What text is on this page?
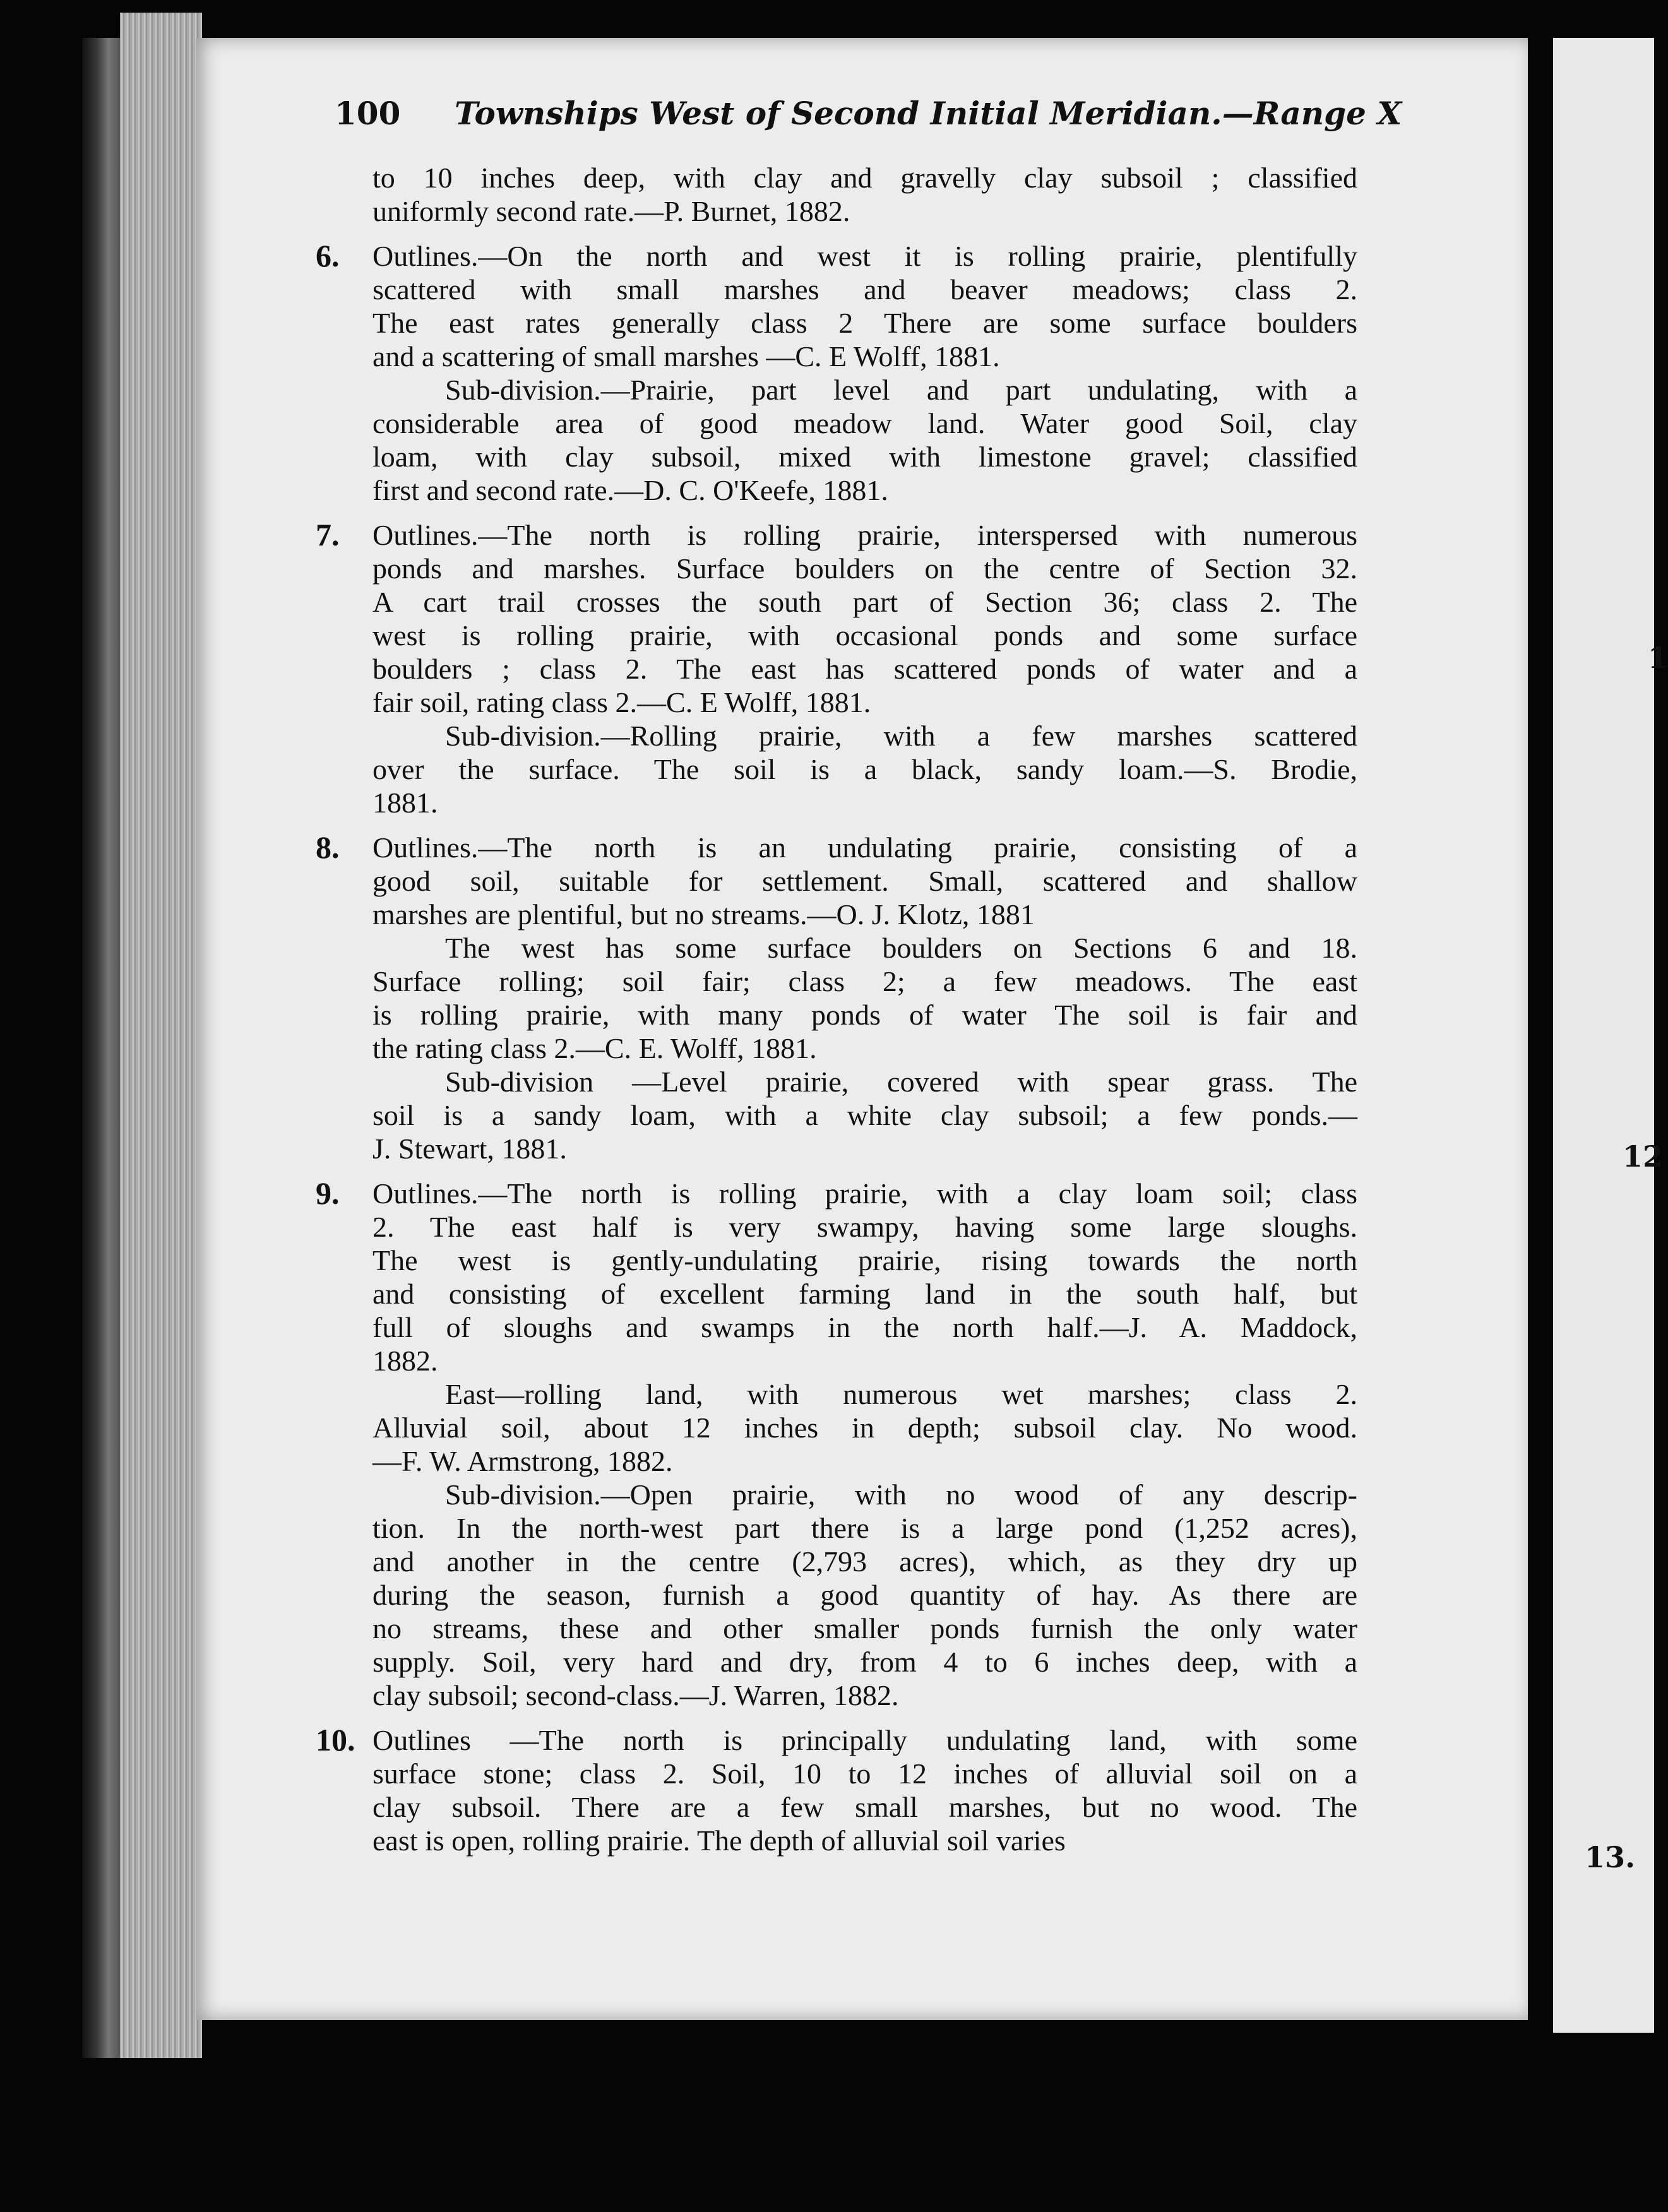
1
12
13.
100 Townships West of Second Initial Meridian.—Range X
to 10 inches deep, with clay and gravelly clay subsoil ; classified
uniformly second rate.—P. Burnet, 1882.
6. Outlines.—On the north and west it is rolling prairie, plentifully
scattered with small marshes and beaver meadows; class 2.
The east rates generally class 2 There are some surface boulders
and a scattering of small marshes —C. E Wolff, 1881.
Sub-division.—Prairie, part level and part undulating, with a
considerable area of good meadow land. Water good Soil, clay
loam, with clay subsoil, mixed with limestone gravel; classified
first and second rate.—D. C. O'Keefe, 1881.
7. Outlines.—The north is rolling prairie, interspersed with numerous
ponds and marshes. Surface boulders on the centre of Section 32.
A cart trail crosses the south part of Section 36; class 2. The
west is rolling prairie, with occasional ponds and some surface
boulders ; class 2. The east has scattered ponds of water and a
fair soil, rating class 2.—C. E Wolff, 1881.
Sub-division.—Rolling prairie, with a few marshes scattered
over the surface. The soil is a black, sandy loam.—S. Brodie,
1881.
8. Outlines.—The north is an undulating prairie, consisting of a
good soil, suitable for settlement. Small, scattered and shallow
marshes are plentiful, but no streams.—O. J. Klotz, 1881
The west has some surface boulders on Sections 6 and 18.
Surface rolling; soil fair; class 2; a few meadows. The east
is rolling prairie, with many ponds of water The soil is fair and
the rating class 2.—C. E. Wolff, 1881.
Sub-division —Level prairie, covered with spear grass. The
soil is a sandy loam, with a white clay subsoil; a few ponds.—
J. Stewart, 1881.
9. Outlines.—The north is rolling prairie, with a clay loam soil; class
2. The east half is very swampy, having some large sloughs.
The west is gently-undulating prairie, rising towards the north
and consisting of excellent farming land in the south half, but
full of sloughs and swamps in the north half.—J. A. Maddock,
1882.
East—rolling land, with numerous wet marshes; class 2.
Alluvial soil, about 12 inches in depth; subsoil clay. No wood.
—F. W. Armstrong, 1882.
Sub-division.—Open prairie, with no wood of any descrip-
tion. In the north-west part there is a large pond (1,252 acres),
and another in the centre (2,793 acres), which, as they dry up
during the season, furnish a good quantity of hay. As there are
no streams, these and other smaller ponds furnish the only water
supply. Soil, very hard and dry, from 4 to 6 inches deep, with a
clay subsoil; second-class.—J. Warren, 1882.
10. Outlines —The north is principally undulating land, with some
surface stone; class 2. Soil, 10 to 12 inches of alluvial soil on a
clay subsoil. There are a few small marshes, but no wood. The
east is open, rolling prairie. The depth of alluvial soil varies
